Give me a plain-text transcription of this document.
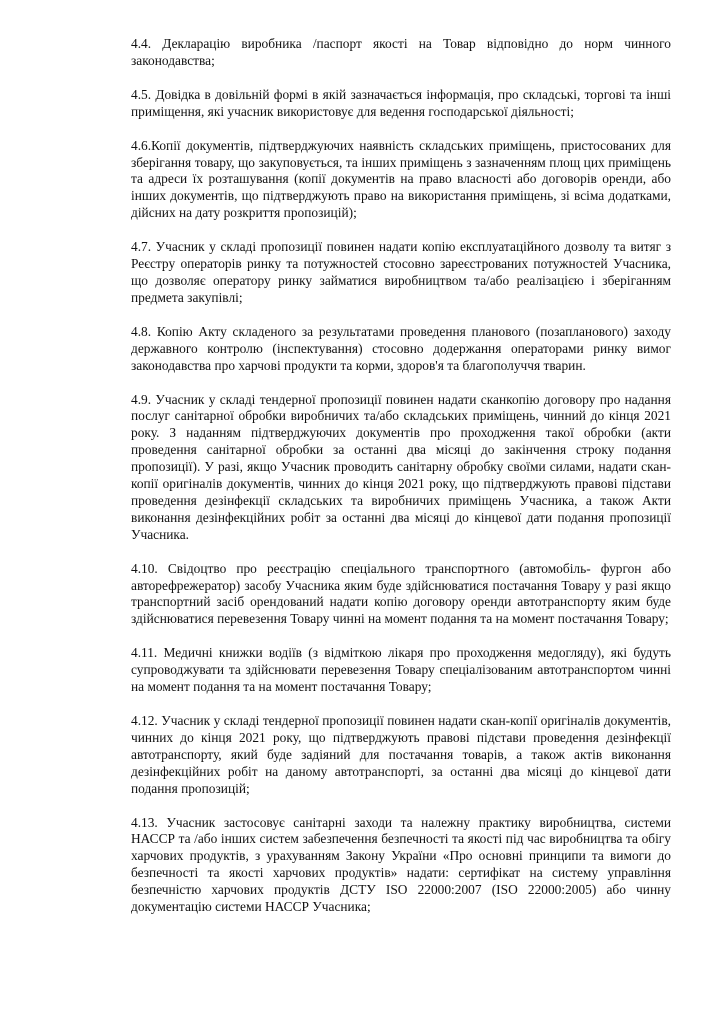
4.4. Декларацію виробника /паспорт якості на Товар відповідно до норм чинного законодавства;

4.5. Довідка в довільній формі в якій зазначається інформація, про складські, торгові та інші приміщення, які учасник використовує для ведення господарської діяльності;

4.6.Копії документів, підтверджуючих наявність складських приміщень, пристосованих для зберігання товару, що закуповується, та інших приміщень з зазначенням площ цих приміщень та адреси їх розташування (копії документів на право власності або договорів оренди, або інших документів, що підтверджують право на використання приміщень, зі всіма додатками, дійсних на дату розкриття пропозицій);

4.7. Учасник у складі пропозиції повинен надати копію експлуатаційного дозволу та витяг з Реєстру операторів ринку та потужностей стосовно зареєстрованих потужностей Учасника, що дозволяє оператору ринку займатися виробництвом та/або реалізацією і зберіганням предмета закупівлі;

4.8. Копію Акту складеного за результатами проведення планового (позапланового) заходу державного контролю (інспектування) стосовно додержання операторами ринку вимог законодавства про харчові продукти та корми, здоров'я та благополуччя тварин.

4.9. Учасник у складі тендерної пропозиції повинен надати сканкопію договору про надання послуг санітарної обробки виробничих та/або складських приміщень, чинний до кінця 2021 року. З наданням підтверджуючих документів про проходження такої обробки (акти проведення санітарної обробки за останні два місяці до закінчення строку подання пропозиції). У разі, якщо Учасник проводить санітарну обробку своїми силами, надати скан-копії оригіналів документів, чинних до кінця 2021 року, що підтверджують правові підстави проведення дезінфекції складських та виробничих приміщень Учасника, а також Акти виконання дезінфекційних робіт за останні два місяці до кінцевої дати подання пропозиції Учасника.

4.10. Свідоцтво про реєстрацію спеціального транспортного (автомобіль- фургон або авторефрежератор) засобу Учасника яким буде здійснюватися постачання Товару у разі якщо транспортний засіб орендований надати копію договору оренди автотранспорту яким буде здійснюватися перевезення Товару чинні на момент подання та на момент постачання Товару;

4.11. Медичні книжки водіїв (з відміткою лікаря про проходження медогляду), які будуть супроводжувати та здійснювати перевезення Товару спеціалізованим автотранспортом чинні на момент подання та на момент постачання Товару;

4.12. Учасник у складі тендерної пропозиції повинен надати скан-копії оригіналів документів, чинних до кінця 2021 року, що підтверджують правові підстави проведення дезінфекції автотранспорту, який буде задіяний для постачання товарів, а також актів виконання дезінфекційних робіт на даному автотранспорті, за останні два місяці до кінцевої дати подання пропозицій;

4.13. Учасник застосовує санітарні заходи та належну практику виробництва, системи НАССР та /або інших систем забезпечення безпечності та якості під час виробництва та обігу харчових продуктів, з урахуванням Закону України «Про основні принципи та вимоги до безпечності та якості харчових продуктів» надати: сертифікат на систему управління безпечністю харчових продуктів ДСТУ ISO 22000:2007 (ISO 22000:2005) або чинну документацію системи НАССР Учасника;
